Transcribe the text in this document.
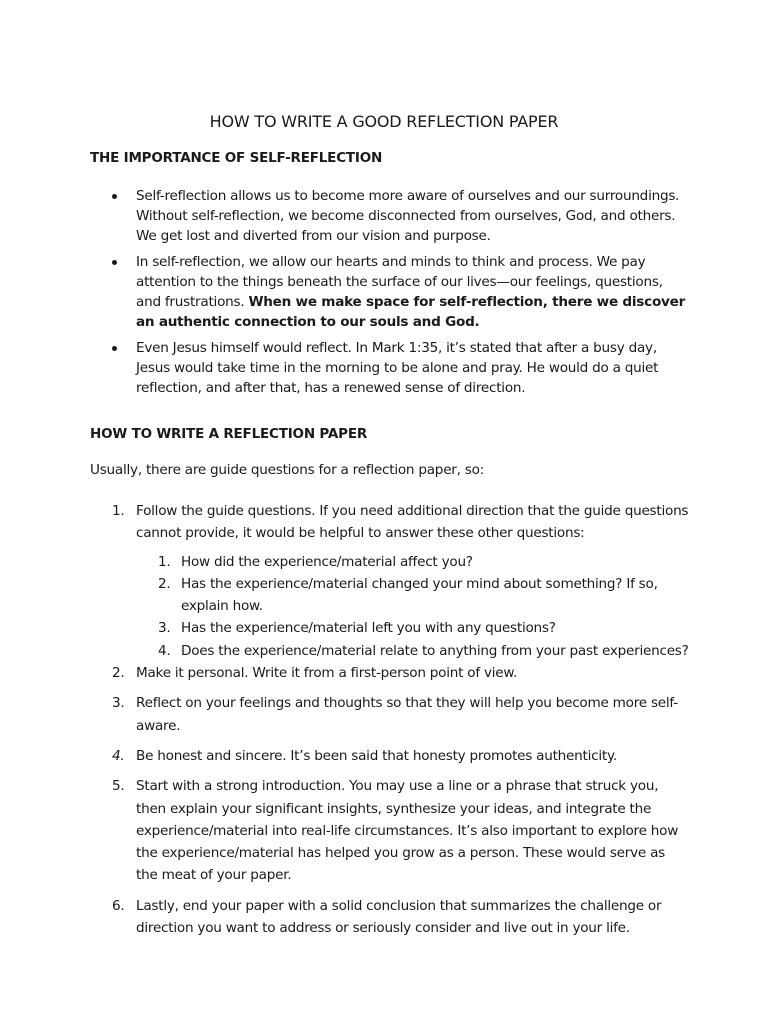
HOW TO WRITE A GOOD REFLECTION PAPER
THE IMPORTANCE OF SELF-REFLECTION
Self-reflection allows us to become more aware of ourselves and our surroundings. Without self-reflection, we become disconnected from ourselves, God, and others. We get lost and diverted from our vision and purpose.
In self-reflection, we allow our hearts and minds to think and process. We pay attention to the things beneath the surface of our lives—our feelings, questions, and frustrations. When we make space for self-reflection, there we discover an authentic connection to our souls and God.
Even Jesus himself would reflect. In Mark 1:35, it’s stated that after a busy day, Jesus would take time in the morning to be alone and pray. He would do a quiet reflection, and after that, has a renewed sense of direction.
HOW TO WRITE A REFLECTION PAPER

Usually, there are guide questions for a reflection paper, so:

1. Follow the guide questions. If you need additional direction that the guide questions cannot provide, it would be helpful to answer these other questions:
1. How did the experience/material affect you?
2. Has the experience/material changed your mind about something? If so, explain how.
3. Has the experience/material left you with any questions?
4. Does the experience/material relate to anything from your past experiences?
2. Make it personal. Write it from a first-person point of view.
3. Reflect on your feelings and thoughts so that they will help you become more self-aware.
4. Be honest and sincere. It’s been said that honesty promotes authenticity.
5. Start with a strong introduction. You may use a line or a phrase that struck you, then explain your significant insights, synthesize your ideas, and integrate the experience/material into real-life circumstances. It’s also important to explore how the experience/material has helped you grow as a person. These would serve as the meat of your paper.
6. Lastly, end your paper with a solid conclusion that summarizes the challenge or direction you want to address or seriously consider and live out in your life.
